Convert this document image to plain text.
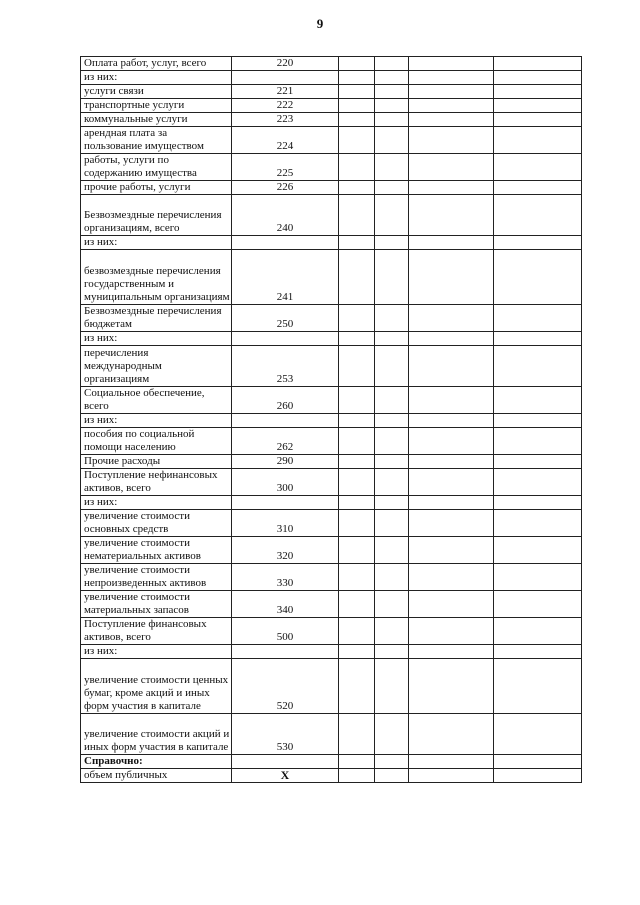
9
Оплата работ, услуг, всего	220				
из них:					
услуги связи	221				
транспортные услуги	222				
коммунальные услуги	223				
арендная плата за пользование имуществом	224				
работы, услуги по содержанию имущества	225				
прочие работы, услуги	226				
Безвозмездные перечисления организациям, всего	240				
из них:					
безвозмездные перечисления государственным и муниципальным организациям	241				
Безвозмездные перечисления бюджетам	250				
из них:					
перечисления международным организациям	253				
Социальное обеспечение, всего	260				
из них:					
пособия по социальной помощи населению	262				
Прочие расходы	290				
Поступление нефинансовых активов, всего	300				
из них:					
увеличение стоимости основных средств	310				
увеличение стоимости нематериальных активов	320				
увеличение стоимости непроизведенных активов	330				
увеличение стоимости материальных запасов	340				
Поступление финансовых активов, всего	500				
из них:					
увеличение стоимости ценных бумаг, кроме акций и иных форм участия в капитале	520				
увеличение стоимости акций и иных форм участия в капитале	530				
Справочно:					
объем публичных	X				
